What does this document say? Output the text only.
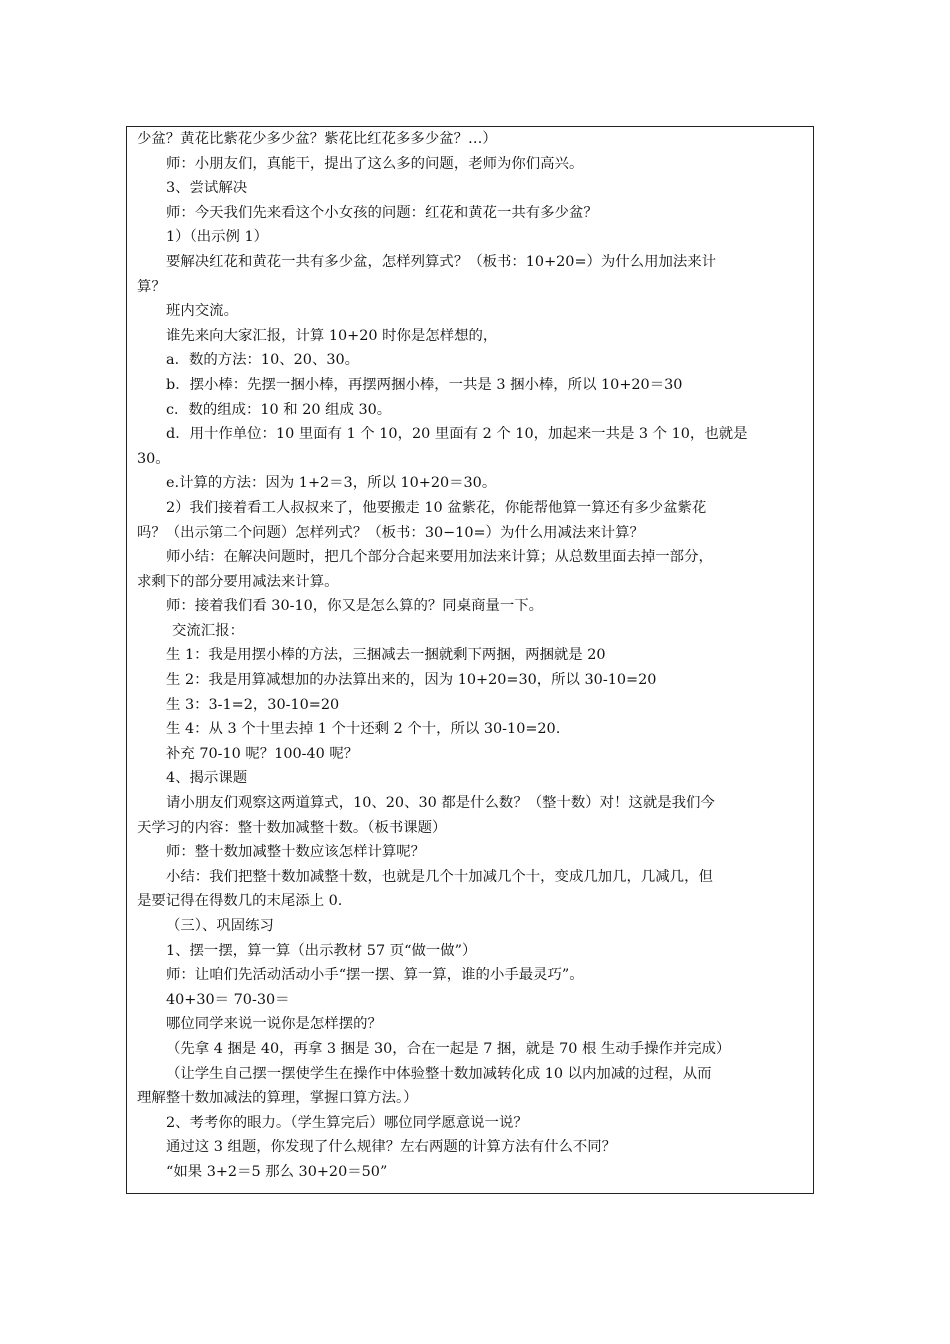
少盆？黄花比紫花少多少盆？紫花比红花多多少盆？…）
师：小朋友们，真能干，提出了这么多的问题，老师为你们高兴。
3、尝试解决
师：今天我们先来看这个小女孩的问题：红花和黄花一共有多少盆？
1）（出示例 1）
要解决红花和黄花一共有多少盆，怎样列算式？（板书：10+20=）为什么用加法来计
算？
班内交流。
谁先来向大家汇报，计算 10+20 时你是怎样想的，
a．数的方法：10、20、30。
b．摆小棒：先摆一捆小棒，再摆两捆小棒，一共是 3 捆小棒，所以 10+20＝30
c．数的组成：10 和 20 组成 30。
d．用十作单位：10 里面有 1 个 10，20 里面有 2 个 10，加起来一共是 3 个 10，也就是
30。
e.计算的方法：因为 1+2＝3，所以 10+20＝30。
2）我们接着看工人叔叔来了，他要搬走 10 盆紫花，你能帮他算一算还有多少盆紫花
吗？（出示第二个问题）怎样列式？（板书：30−10=）为什么用减法来计算？
师小结：在解决问题时，把几个部分合起来要用加法来计算；从总数里面去掉一部分，
求剩下的部分要用减法来计算。
师：接着我们看 30-10，你又是怎么算的？同桌商量一下。
交流汇报：
生 1：我是用摆小棒的方法，三捆减去一捆就剩下两捆，两捆就是 20
生 2：我是用算减想加的办法算出来的，因为 10+20=30，所以 30-10=20
生 3：3-1=2，30-10=20
生 4：从 3 个十里去掉 1 个十还剩 2 个十，所以 30-10=20.
补充 70-10 呢？100-40 呢？
4、揭示课题
请小朋友们观察这两道算式，10、20、30 都是什么数？（整十数）对！这就是我们今
天学习的内容：整十数加减整十数。（板书课题）
师：整十数加减整十数应该怎样计算呢？
小结：我们把整十数加减整十数，也就是几个十加减几个十，变成几加几，几减几，但
是要记得在得数几的末尾添上 0.
（三）、巩固练习
1、摆一摆，算一算（出示教材 57 页“做一做”）
师：让咱们先活动活动小手“摆一摆、算一算，谁的小手最灵巧”。
40+30＝ 70-30＝
哪位同学来说一说你是怎样摆的？
（先拿 4 捆是 40，再拿 3 捆是 30，合在一起是 7 捆，就是 70 根 生动手操作并完成）
（让学生自己摆一摆使学生在操作中体验整十数加减转化成 10 以内加减的过程，从而
理解整十数加减法的算理，掌握口算方法。）
2、考考你的眼力。（学生算完后）哪位同学愿意说一说？
通过这 3 组题，你发现了什么规律？左右两题的计算方法有什么不同？
“如果 3+2＝5 那么 30+20＝50”
